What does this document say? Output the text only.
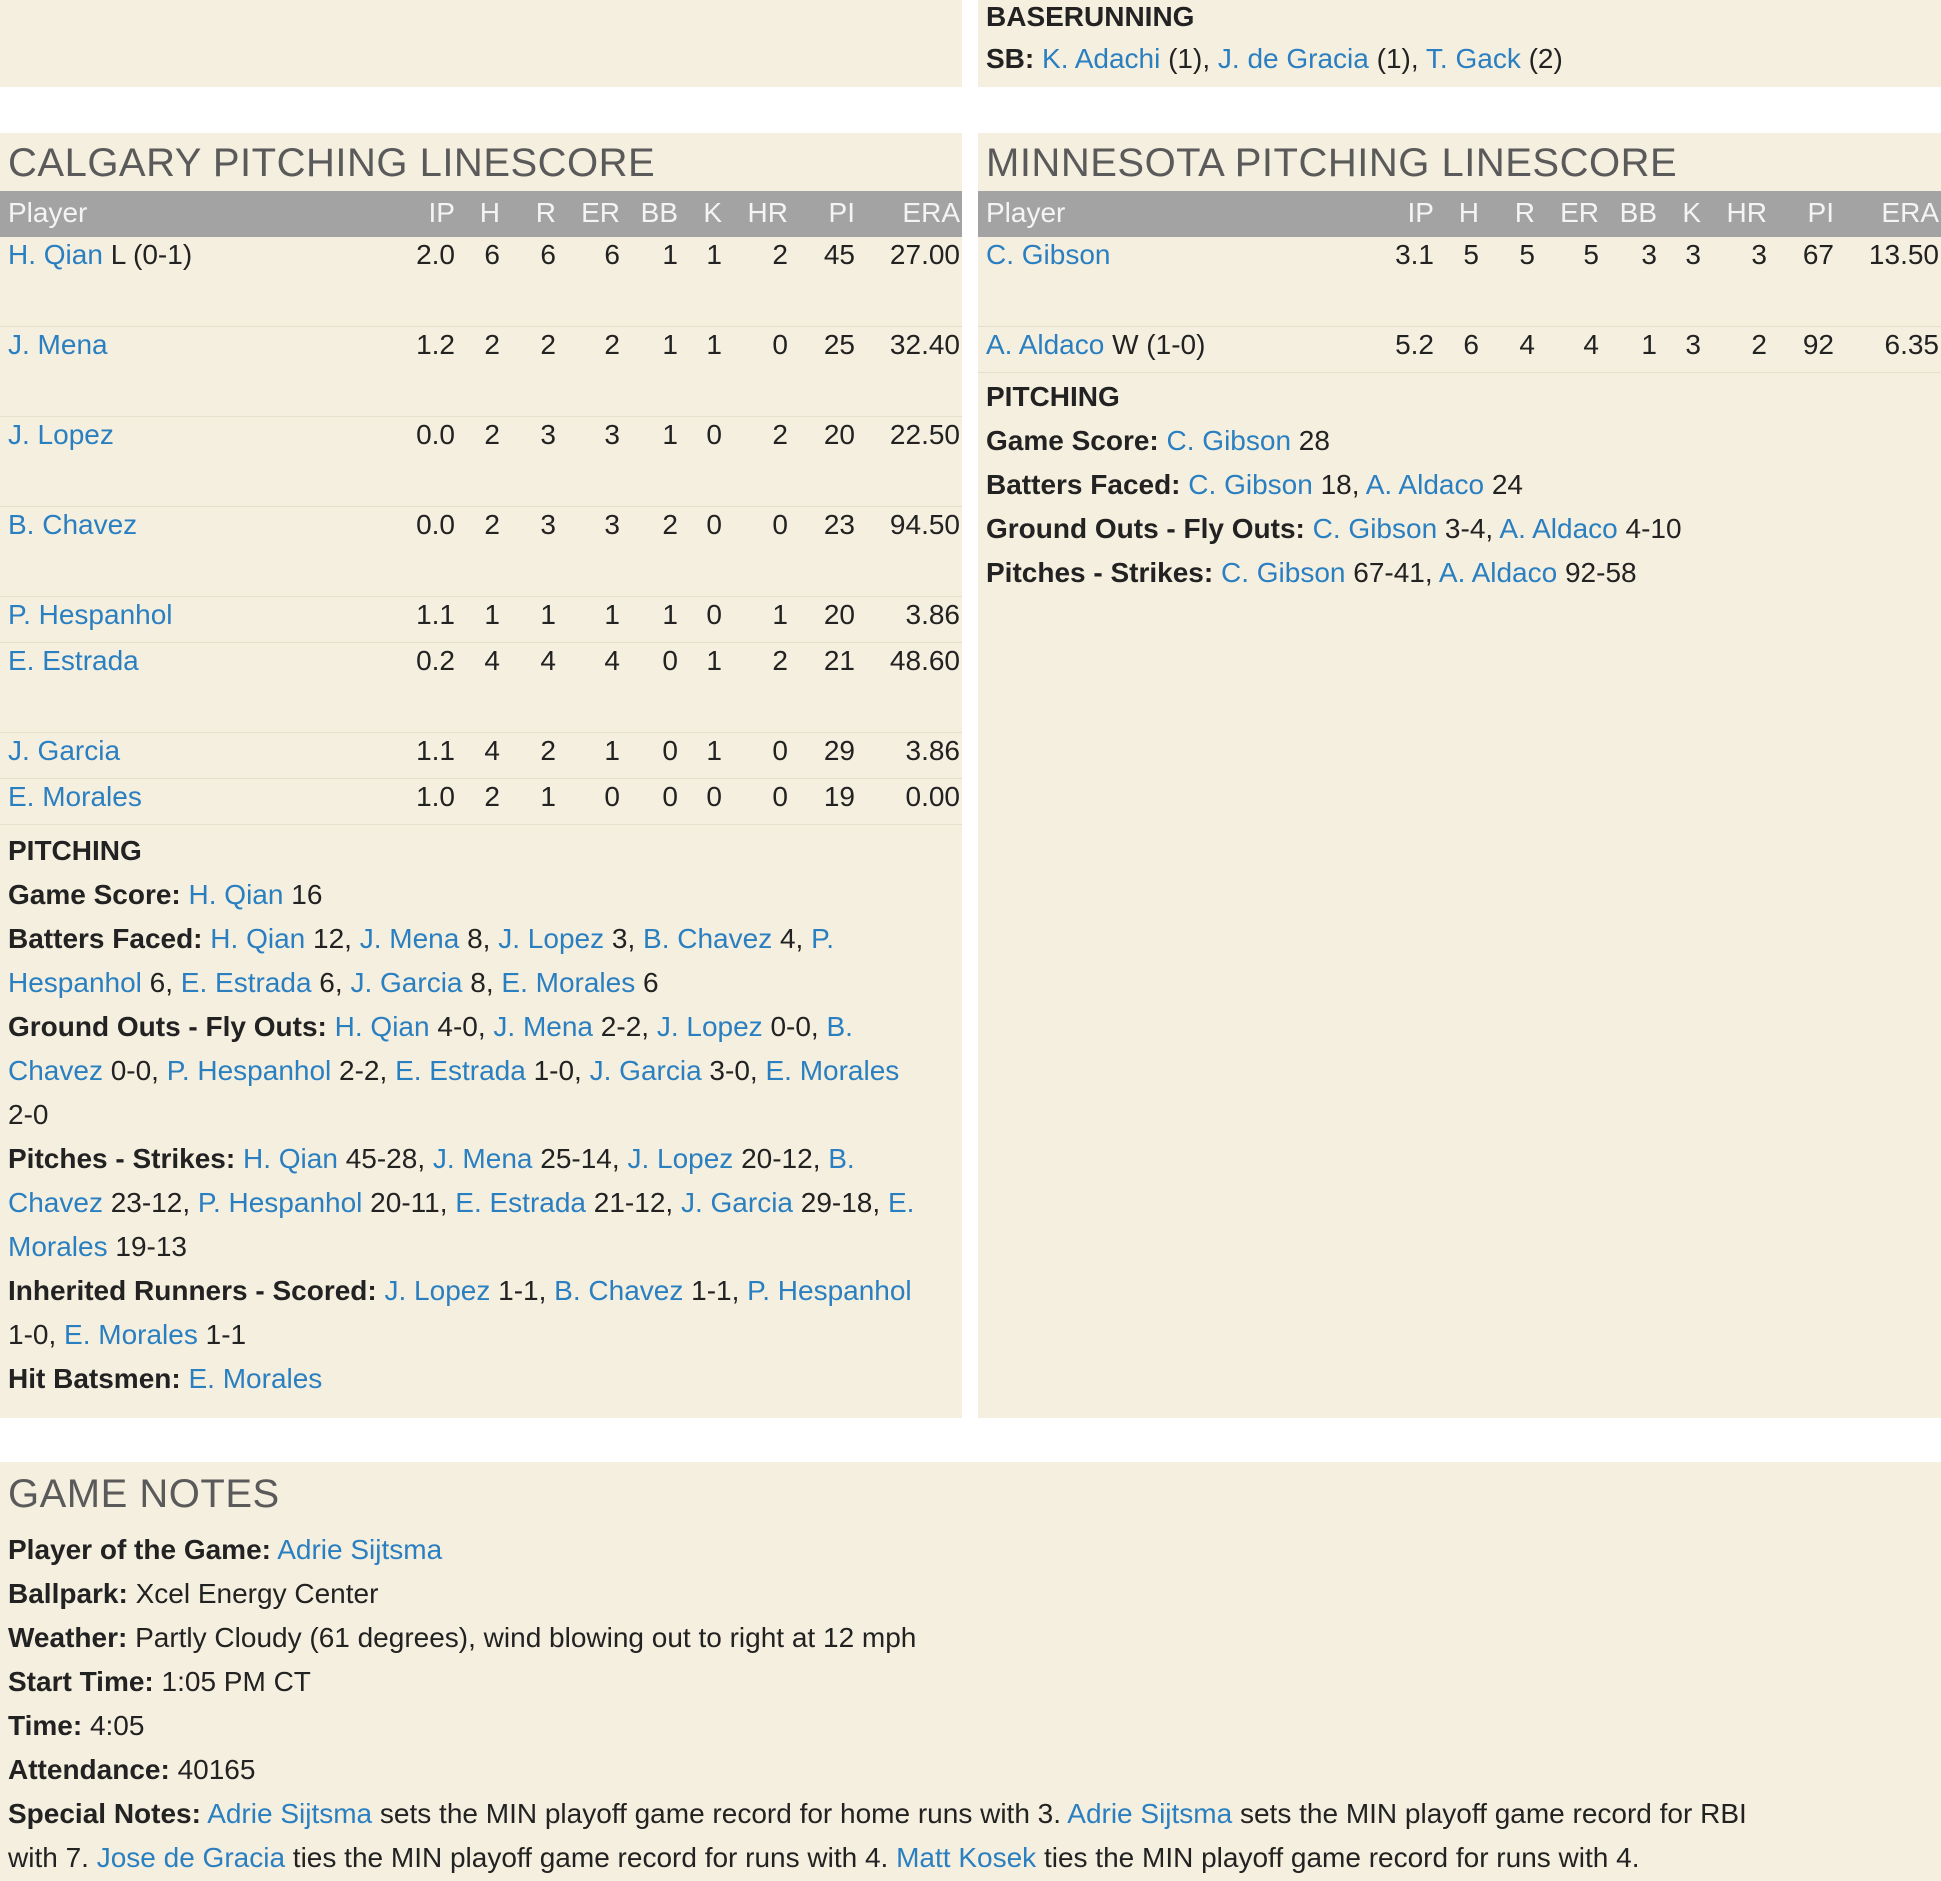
BASERUNNING

SB: K. Adachi (1), J. de Gracia (1), T. Gack (2)

CALGARY PITCHING LINESCORE
Player	IP H R ER BB K HR PI ERA
H. Qian L (0-1)	2.0 6 6 6 1 1 2 45 27.00
J. Mena	1.2 2 2 2 1 1 0 25 32.40
J. Lopez	0.0 2 3 3 1 0 2 20 22.50
B. Chavez	0.0 2 3 3 2 0 0 23 94.50
P. Hespanhol	1.1 1 1 1 1 0 1 20 3.86
E. Estrada	0.2 4 4 4 0 1 2 21 48.60
J. Garcia	1.1 4 2 1 0 1 0 29 3.86
E. Morales	1.0 2 1 0 0 0 0 19 0.00

PITCHING

Game Score: H. Qian 16

Batters Faced: H. Qian 12, J. Mena 8, J. Lopez 3, B. Chavez 4, P.

Hespanhol 6, E. Estrada 6, J. Garcia 8, E. Morales 6

Ground Outs - Fly Outs: H. Qian 4-0, J. Mena 2-2, J. Lopez 0-0, B.

Chavez 0-0, P. Hespanhol 2-2, E. Estrada 1-0, J. Garcia 3-0, E. Morales

2-0

Pitches - Strikes: H. Qian 45-28, J. Mena 25-14, J. Lopez 20-12, B.

Chavez 23-12, P. Hespanhol 20-11, E. Estrada 21-12, J. Garcia 29-18, E.

Morales 19-13

Inherited Runners - Scored: J. Lopez 1-1, B. Chavez 1-1, P. Hespanhol

1-0, E. Morales 1-1

Hit Batsmen: E. Morales

MINNESOTA PITCHING LINESCORE
Player	IP H R ER BB K HR PI ERA
C. Gibson	3.1 5 5 5 3 3 3 67 13.50
A. Aldaco W (1-0)	5.2 6 4 4 1 3 2 92 6.35

PITCHING

Game Score: C. Gibson 28

Batters Faced: C. Gibson 18, A. Aldaco 24

Ground Outs - Fly Outs: C. Gibson 3-4, A. Aldaco 4-10

Pitches - Strikes: C. Gibson 67-41, A. Aldaco 92-58

GAME NOTES

Player of the Game: Adrie Sijtsma

Ballpark: Xcel Energy Center

Weather: Partly Cloudy (61 degrees), wind blowing out to right at 12 mph

Start Time: 1:05 PM CT

Time: 4:05

Attendance: 40165

Special Notes: Adrie Sijtsma sets the MIN playoff game record for home runs with 3. Adrie Sijtsma sets the MIN playoff game record for RBI

with 7. Jose de Gracia ties the MIN playoff game record for runs with 4. Matt Kosek ties the MIN playoff game record for runs with 4.
